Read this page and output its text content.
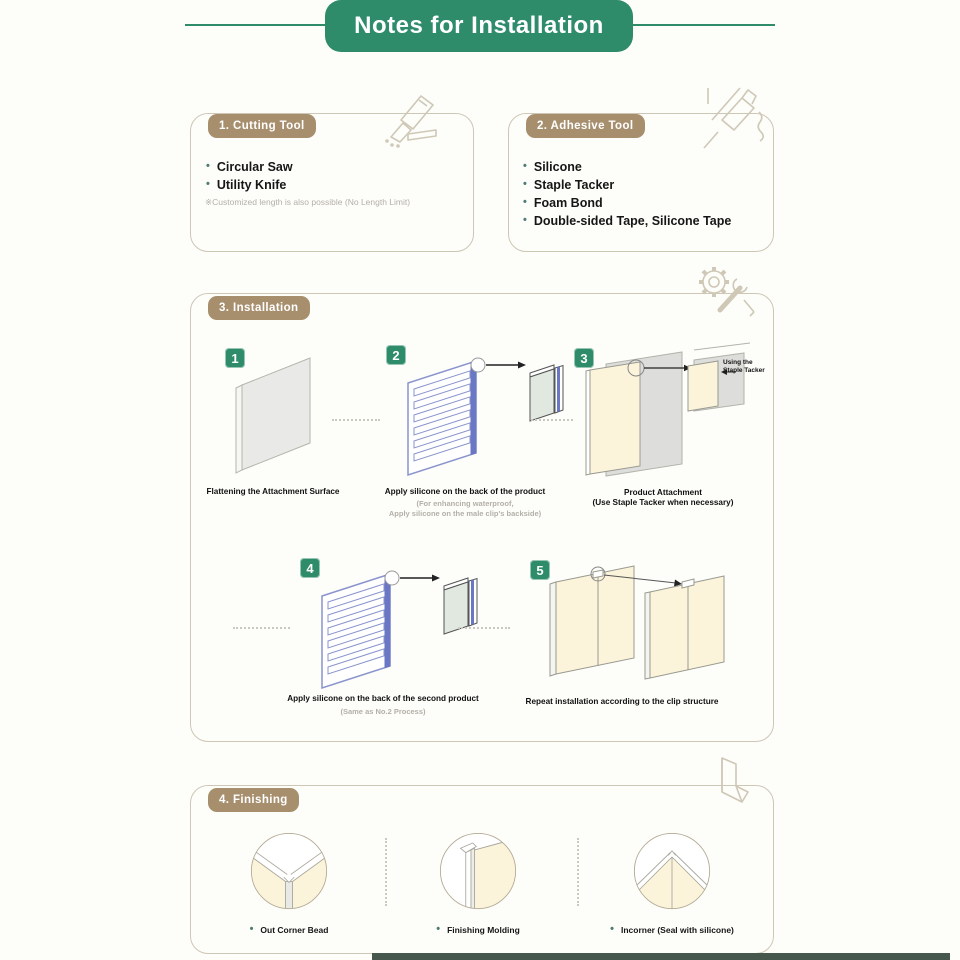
Notes for Installation
1. Cutting Tool
• Circular Saw
• Utility Knife
※Customized length is also possible (No Length Limit)
2. Adhesive Tool
• Silicone
• Staple Tacker
• Foam Bond
• Double-sided Tape, Silicone Tape
3. Installation
1
Flattening the Attachment Surface
2
Apply silicone on the back of the product
(For enhancing waterproof,
Apply silicone on the male clip's backside)
3	Using the
Staple Tacker
Product Attachment
(Use Staple Tacker when necessary)
4
Apply silicone on the back of the second product
(Same as No.2 Process)
5
Repeat installation according to the clip structure
4. Finishing
• Out Corner Bead	• Finishing Molding	• Incorner (Seal with silicone)
